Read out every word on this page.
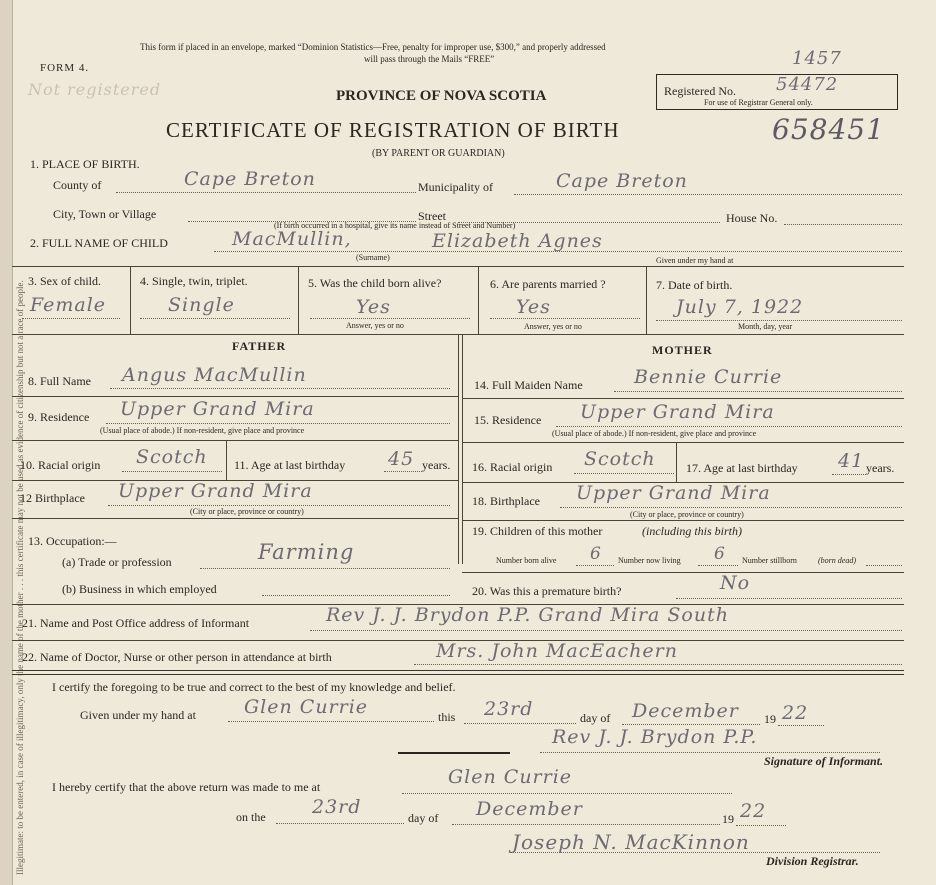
Illegitimate: to be entered, in case of illegitimacy, only the name of the mother . . . this certificate may not be used as evidence of citizenship but not a race of people.
This form if placed in an envelope, marked “Dominion Statistics—Free, penalty for improper use, $300,” and properly addressed
will pass through the Mails “FREE”
FORM 4.
Not registered	PROVINCE OF NOVA SCOTIA
CERTIFICATE OF REGISTRATION OF BIRTH
(BY PARENT OR GUARDIAN)
1457
Registered No.
For use of Registrar General only.
54472
658451
1. PLACE OF BIRTH.
County of	Cape Breton	Municipality of	Cape Breton
City, Town or Village	Street	House No.
(If birth occurred in a hospital, give its name instead of Street and Number)
2. FULL NAME OF CHILD	MacMullin,	Elizabeth Agnes
(Surname)	Given under my hand at
3. Sex of child.	4. Single, twin, triplet.	5. Was the child born alive?	6. Are parents married ?	7. Date of birth.
Female	Single	Yes	Yes	July 7, 1922
Answer, yes or no	Answer, yes or no	Month, day, year
FATHER	MOTHER
8. Full Name Angus MacMullin	14. Full Maiden Name	Bennie Currie
9. Residence Upper Grand Mira
(Usual place of abode.) If non-resident, give place and province
15. Residence Upper Grand Mira
(Usual place of abode.) If non-resident, give place and province
10. Racial origin Scotch 11. Age at last birthday 45 years. 16. Racial origin Scotch	17. Age at last birthday 41 years.
12 Birthplace Upper Grand Mira
(City or place, province or country)
18. Birthplace Upper Grand Mira
(City or place, province or country)
13. Occupation:—
(a) Trade or profession	Farming
(b) Business in which employed
19. Children of this mother	(including this birth)
Number born alive 6 Number now living 6 Number stillborn	(born dead)
20. Was this a premature birth?	No
21. Name and Post Office address of Informant	Rev J. J. Brydon P.P. Grand Mira South
22. Name of Doctor, Nurse or other person in attendance at birth	Mrs. John MacEachern
I certify the foregoing to be true and correct to the best of my knowledge and belief.
Given under my hand at	Glen Currie	this 23rd	day of December 19 22
Rev J. J. Brydon P.P.
Signature of Informant.
I hereby certify that the above return was made to me at	Glen Currie
on the 23rd	day of December	19 22
Joseph N. MacKinnon
Division Registrar.
